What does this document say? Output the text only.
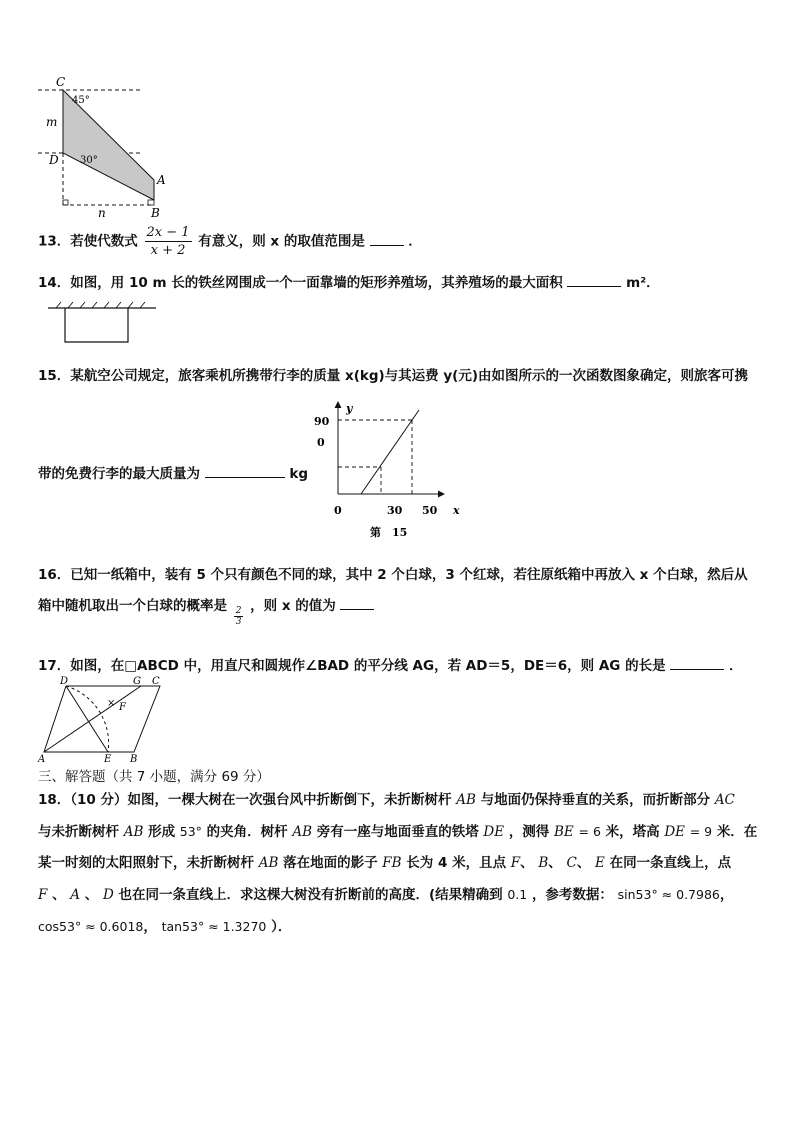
C
45°
m
D 30°
A
n	B
13．若使代数式 $\frac{2x - 1}{x + 2}$ 有意义，则 x 的取值范围是	．
14．如图，用 10 m 长的铁丝网围成一个一面靠墙的矩形养殖场，其养殖场的最大面积	m²．
15．某航空公司规定，旅客乘机所携带行李的质量 x(kg)与其运费 y(元)由如图所示的一次函数图象确定，则旅客可携
带的免费行李的最大质量为	kg
y
90
0
0	30 50 x
第　15
16．已知一纸箱中，装有 5 个只有颜色不同的球，其中 2 个白球，3 个红球，若往原纸箱中再放入 x 个白球，然后从
箱中随机取出一个白球的概率是 $\frac{2}{3}$ ，则 x 的值为
17．如图，在□ABCD 中，用直尺和圆规作∠BAD 的平分线 AG，若 AD＝5，DE＝6，则 AG 的长是	．
D	G C
F
A	E B
×
三、解答题（共 7 小题，满分 69 分）
18．（10 分）如图，一棵大树在一次强台风中折断倒下，未折断树杆 AB 与地面仍保持垂直的关系，而折断部分 AC
与未折断树杆 AB 形成 53° 的夹角．树杆 AB 旁有一座与地面垂直的铁塔 DE ，测得 BE = 6 米，塔高 DE = 9 米．在
某一时刻的太阳照射下，未折断树杆 AB 落在地面的影子 FB 长为 4 米，且点 F、 B、 C、 E 在同一条直线上，点
F 、 A 、 D 也在同一条直线上．求这棵大树没有折断前的高度．(结果精确到 0.1 ，参考数据： sin53° ≈ 0.7986，
cos53° ≈ 0.6018， tan53° ≈ 1.3270 ）．
